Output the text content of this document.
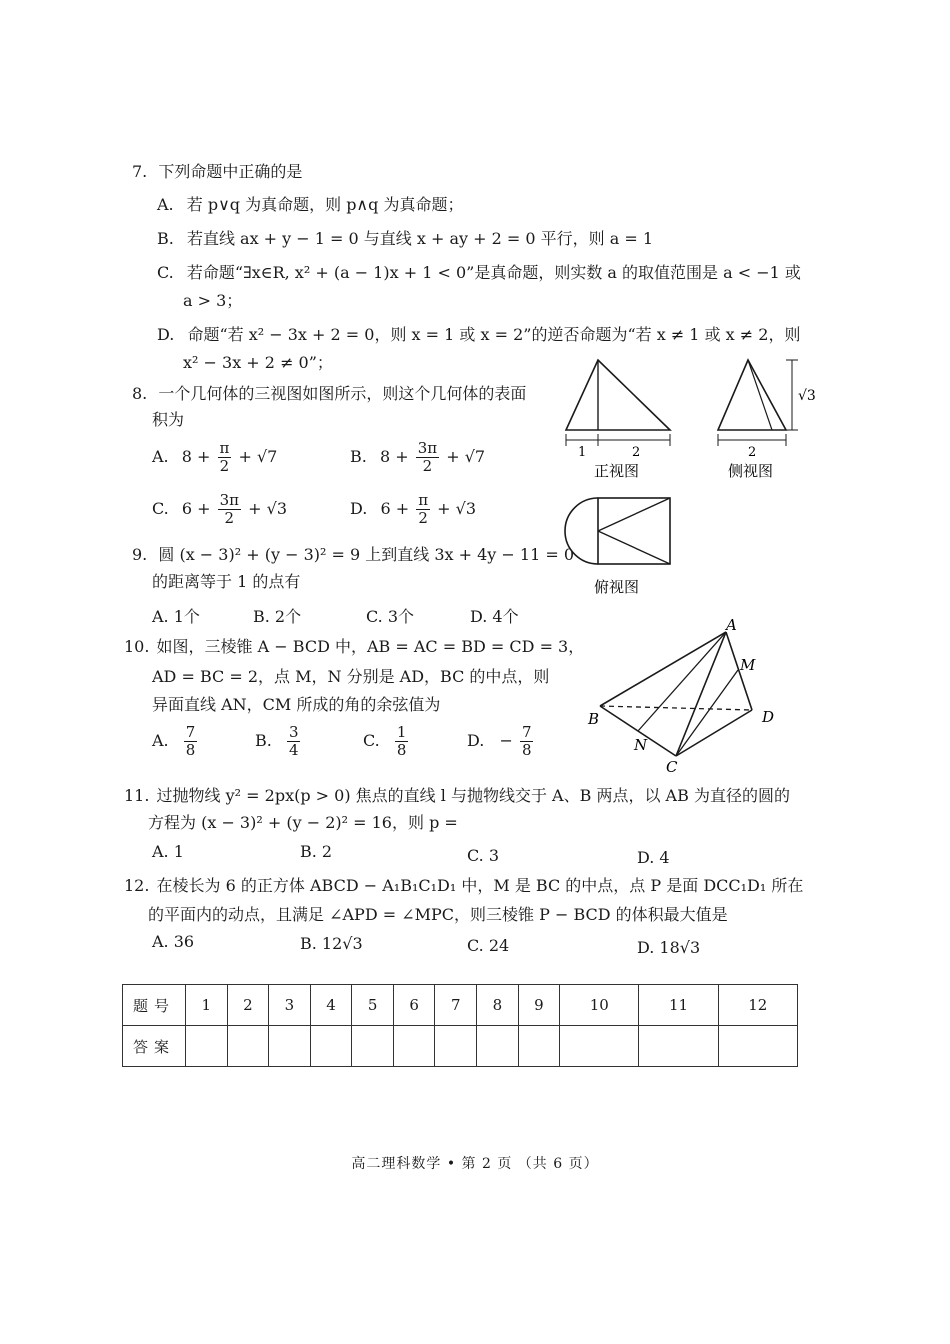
7. 下列命题中正确的是
A. 若 p∨q 为真命题，则 p∧q 为真命题；
B. 若直线 ax + y − 1 = 0 与直线 x + ay + 2 = 0 平行，则 a = 1
C. 若命题“∃x∈R, x² + (a − 1)x + 1 < 0”是真命题，则实数 a 的取值范围是 a < −1 或
a > 3；
D. 命题“若 x² − 3x + 2 = 0，则 x = 1 或 x = 2”的逆否命题为“若 x ≠ 1 或 x ≠ 2，则
x² − 3x + 2 ≠ 0”；
8. 一个几何体的三视图如图所示，则这个几何体的表面
积为
A. $8 + \frac{\pi}{2} + √7$	B. $8 + \frac{3\pi}{2} + √7$
C. $6 + \frac{3\pi}{2} + √3$	D. $6 + \frac{\pi}{2} + √3$
1	2
正视图
√3
2
侧视图
俯视图
9. 圆 (x − 3)² + (y − 3)² = 9 上到直线 3x + 4y − 11 = 0
的距离等于 1 的点有
A. 1个	B. 2个	C. 3个	D. 4个
10. 如图，三棱锥 A − BCD 中，AB = AC = BD = CD = 3，
AD = BC = 2，点 M，N 分别是 AD，BC 的中点，则
异面直线 AN，CM 所成的角的余弦值为
A. $\frac{7}{8}$	B. $\frac{3}{4}$	C. $\frac{1}{8}$	D. − $\frac{7}{8}$
A
B
C
D
M
N
11. 过抛物线 y² = 2px(p > 0) 焦点的直线 l 与抛物线交于 A、B 两点，以 AB 为直径的圆的
方程为 (x − 3)² + (y − 2)² = 16，则 p =
A. 1	B. 2	C. 3	D. 4
12. 在棱长为 6 的正方体 ABCD − A₁B₁C₁D₁ 中，M 是 BC 的中点，点 P 是面 DCC₁D₁ 所在
的平面内的动点，且满足 ∠APD = ∠MPC，则三棱锥 P − BCD 的体积最大值是
A. 36	B. 12√3	C. 24	D. 18√3
题号	1	2	3	4	5	6	7	8	9	10	11	12
答案												
高二理科数学 • 第 2 页 （共 6 页）
